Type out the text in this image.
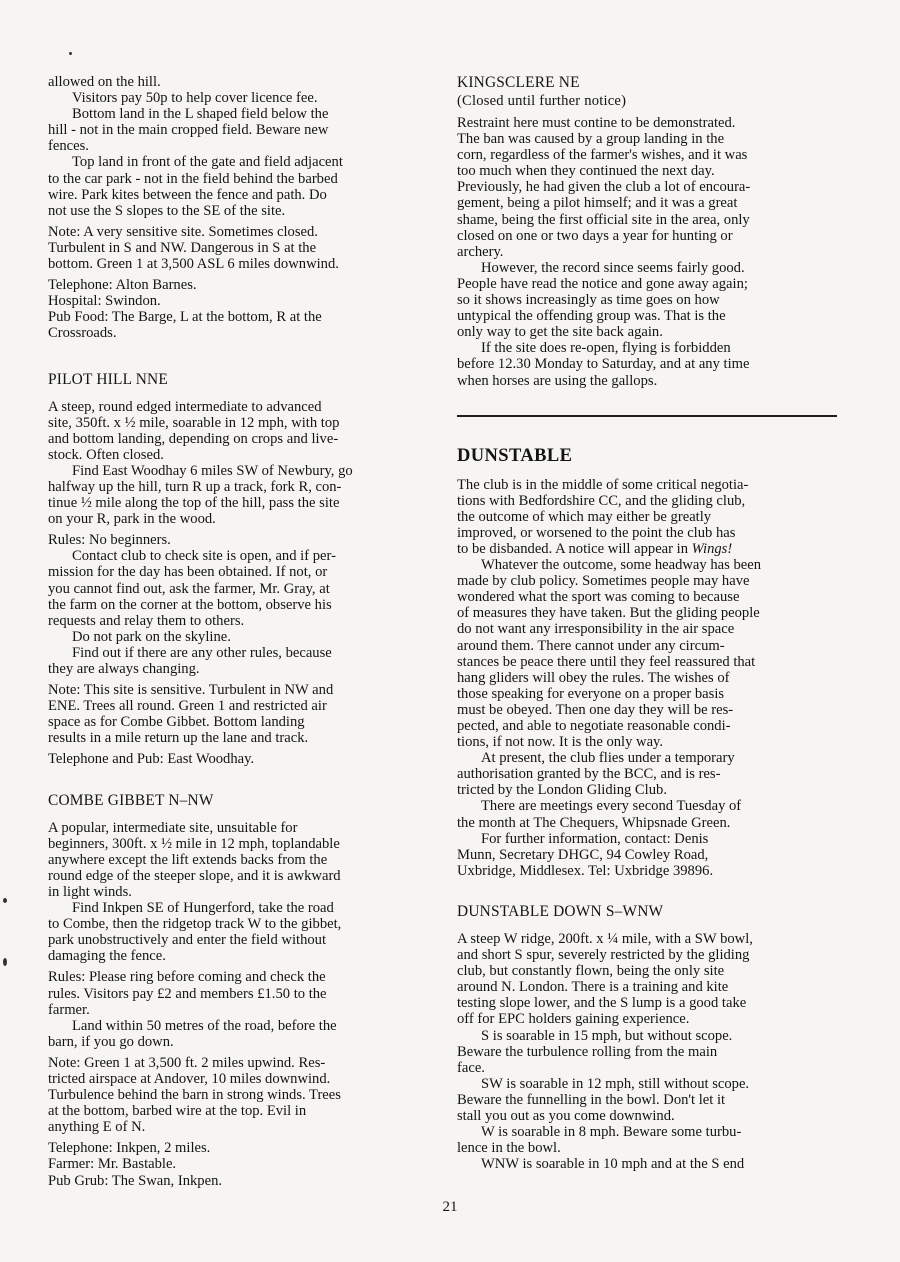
allowed on the hill.
Visitors pay 50p to help cover licence fee.
Bottom land in the L shaped field below the
hill - not in the main cropped field. Beware new
fences.
Top land in front of the gate and field adjacent
to the car park - not in the field behind the barbed
wire. Park kites between the fence and path. Do
not use the S slopes to the SE of the site.
Note: A very sensitive site. Sometimes closed.
Turbulent in S and NW. Dangerous in S at the
bottom. Green 1 at 3,500 ASL 6 miles downwind.
Telephone: Alton Barnes.
Hospital: Swindon.
Pub Food: The Barge, L at the bottom, R at the
Crossroads.
PILOT HILL NNE
A steep, round edged intermediate to advanced
site, 350ft. x ½ mile, soarable in 12 mph, with top
and bottom landing, depending on crops and live-
stock. Often closed.
Find East Woodhay 6 miles SW of Newbury, go
halfway up the hill, turn R up a track, fork R, con-
tinue ½ mile along the top of the hill, pass the site
on your R, park in the wood.
Rules: No beginners.
Contact club to check site is open, and if per-
mission for the day has been obtained. If not, or
you cannot find out, ask the farmer, Mr. Gray, at
the farm on the corner at the bottom, observe his
requests and relay them to others.
Do not park on the skyline.
Find out if there are any other rules, because
they are always changing.
Note: This site is sensitive. Turbulent in NW and
ENE. Trees all round. Green 1 and restricted air
space as for Combe Gibbet. Bottom landing
results in a mile return up the lane and track.
Telephone and Pub: East Woodhay.
COMBE GIBBET N–NW
A popular, intermediate site, unsuitable for
beginners, 300ft. x ½ mile in 12 mph, toplandable
anywhere except the lift extends backs from the
round edge of the steeper slope, and it is awkward
in light winds.
Find Inkpen SE of Hungerford, take the road
to Combe, then the ridgetop track W to the gibbet,
park unobstructively and enter the field without
damaging the fence.
Rules: Please ring before coming and check the
rules. Visitors pay £2 and members £1.50 to the
farmer.
Land within 50 metres of the road, before the
barn, if you go down.
Note: Green 1 at 3,500 ft. 2 miles upwind. Res-
tricted airspace at Andover, 10 miles downwind.
Turbulence behind the barn in strong winds. Trees
at the bottom, barbed wire at the top. Evil in
anything E of N.
Telephone: Inkpen, 2 miles.
Farmer: Mr. Bastable.
Pub Grub: The Swan, Inkpen.
KINGSCLERE NE
(Closed until further notice)
Restraint here must contine to be demonstrated.
The ban was caused by a group landing in the
corn, regardless of the farmer's wishes, and it was
too much when they continued the next day.
Previously, he had given the club a lot of encoura-
gement, being a pilot himself; and it was a great
shame, being the first official site in the area, only
closed on one or two days a year for hunting or
archery.
However, the record since seems fairly good.
People have read the notice and gone away again;
so it shows increasingly as time goes on how
untypical the offending group was. That is the
only way to get the site back again.
If the site does re-open, flying is forbidden
before 12.30 Monday to Saturday, and at any time
when horses are using the gallops.
DUNSTABLE
The club is in the middle of some critical negotia-
tions with Bedfordshire CC, and the gliding club,
the outcome of which may either be greatly
improved, or worsened to the point the club has
to be disbanded. A notice will appear in Wings!
Whatever the outcome, some headway has been
made by club policy. Sometimes people may have
wondered what the sport was coming to because
of measures they have taken. But the gliding people
do not want any irresponsibility in the air space
around them. There cannot under any circum-
stances be peace there until they feel reassured that
hang gliders will obey the rules. The wishes of
those speaking for everyone on a proper basis
must be obeyed. Then one day they will be res-
pected, and able to negotiate reasonable condi-
tions, if not now. It is the only way.
At present, the club flies under a temporary
authorisation granted by the BCC, and is res-
tricted by the London Gliding Club.
There are meetings every second Tuesday of
the month at The Chequers, Whipsnade Green.
For further information, contact: Denis
Munn, Secretary DHGC, 94 Cowley Road,
Uxbridge, Middlesex. Tel: Uxbridge 39896.
DUNSTABLE DOWN S–WNW
A steep W ridge, 200ft. x ¼ mile, with a SW bowl,
and short S spur, severely restricted by the gliding
club, but constantly flown, being the only site
around N. London. There is a training and kite
testing slope lower, and the S lump is a good take
off for EPC holders gaining experience.
S is soarable in 15 mph, but without scope.
Beware the turbulence rolling from the main
face.
SW is soarable in 12 mph, still without scope.
Beware the funnelling in the bowl. Don't let it
stall you out as you come downwind.
W is soarable in 8 mph. Beware some turbu-
lence in the bowl.
WNW is soarable in 10 mph and at the S end
21
